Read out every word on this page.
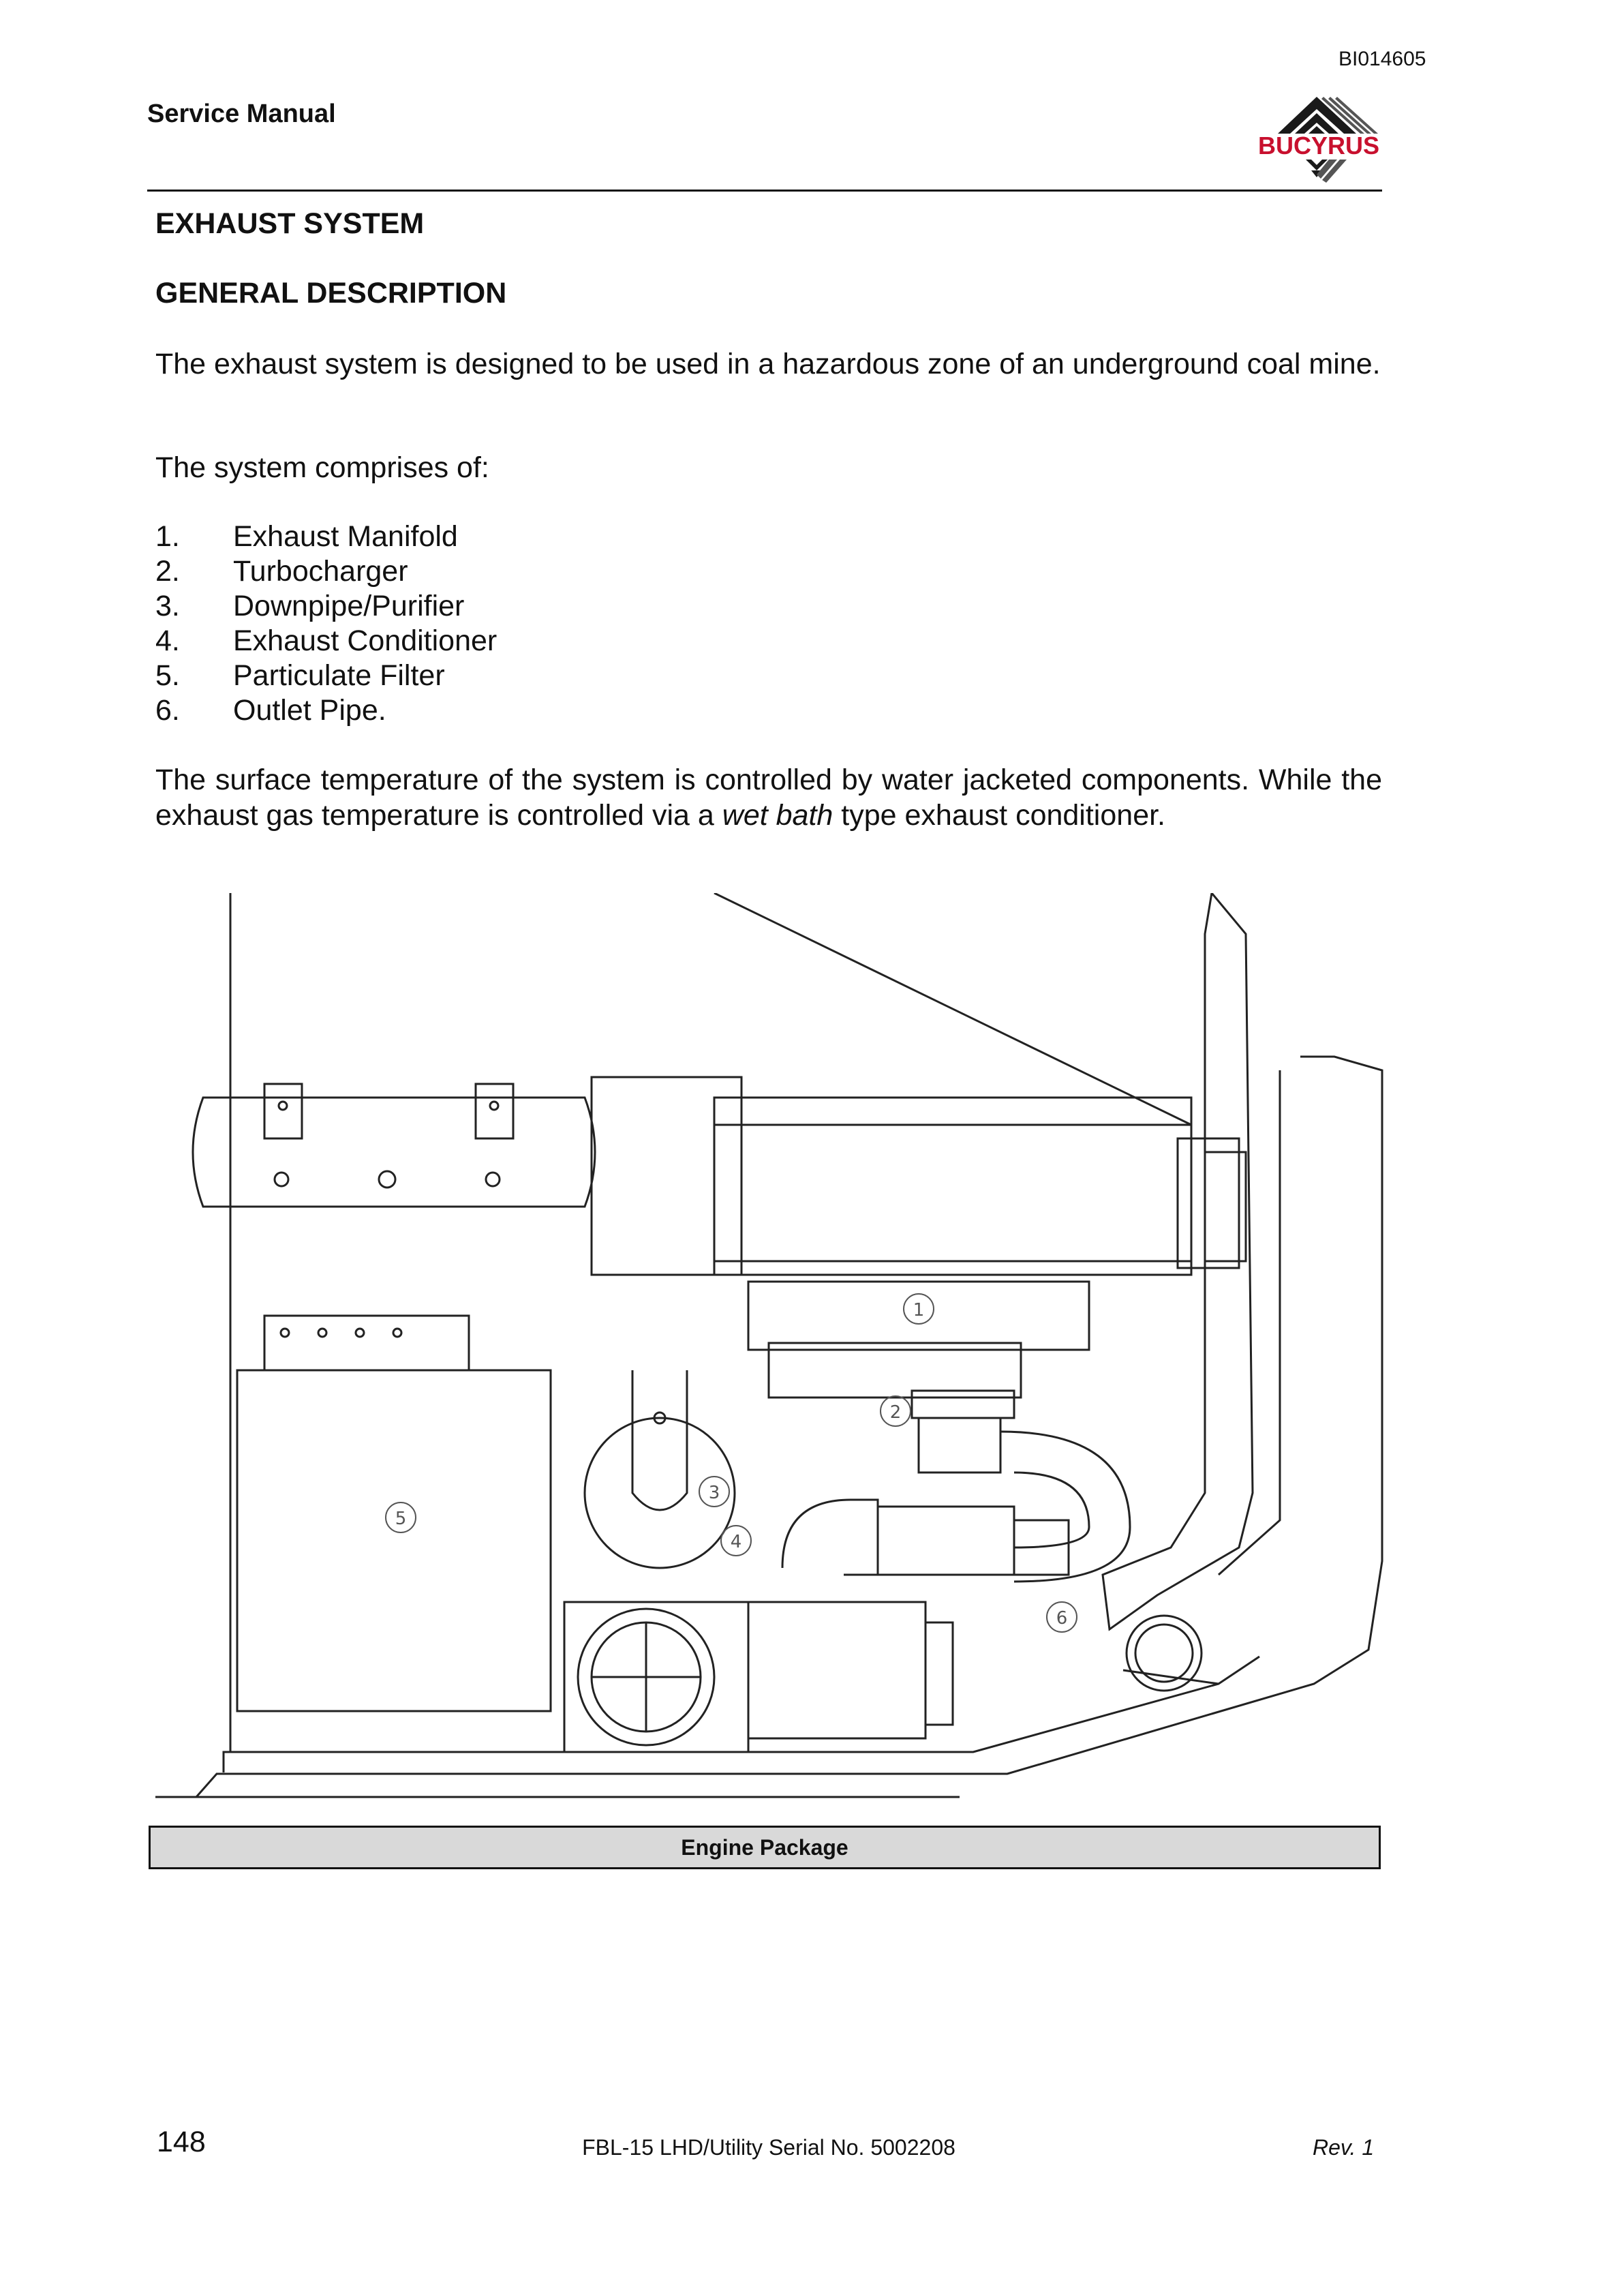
BI014605
Service Manual
BUCYRUS
EXHAUST SYSTEM
GENERAL DESCRIPTION
The exhaust system is designed to be used in a hazardous zone of an underground coal mine.
The system comprises of:
1. Exhaust Manifold
2. Turbocharger
3. Downpipe/Purifier
4. Exhaust Conditioner
5. Particulate Filter
6. Outlet Pipe.
The surface temperature of the system is controlled by water jacketed components. While the exhaust gas temperature is controlled via a wet bath type exhaust conditioner.
1
2
3
4
5
6
Engine Package
148	FBL-15 LHD/Utility Serial No. 5002208	Rev. 1
